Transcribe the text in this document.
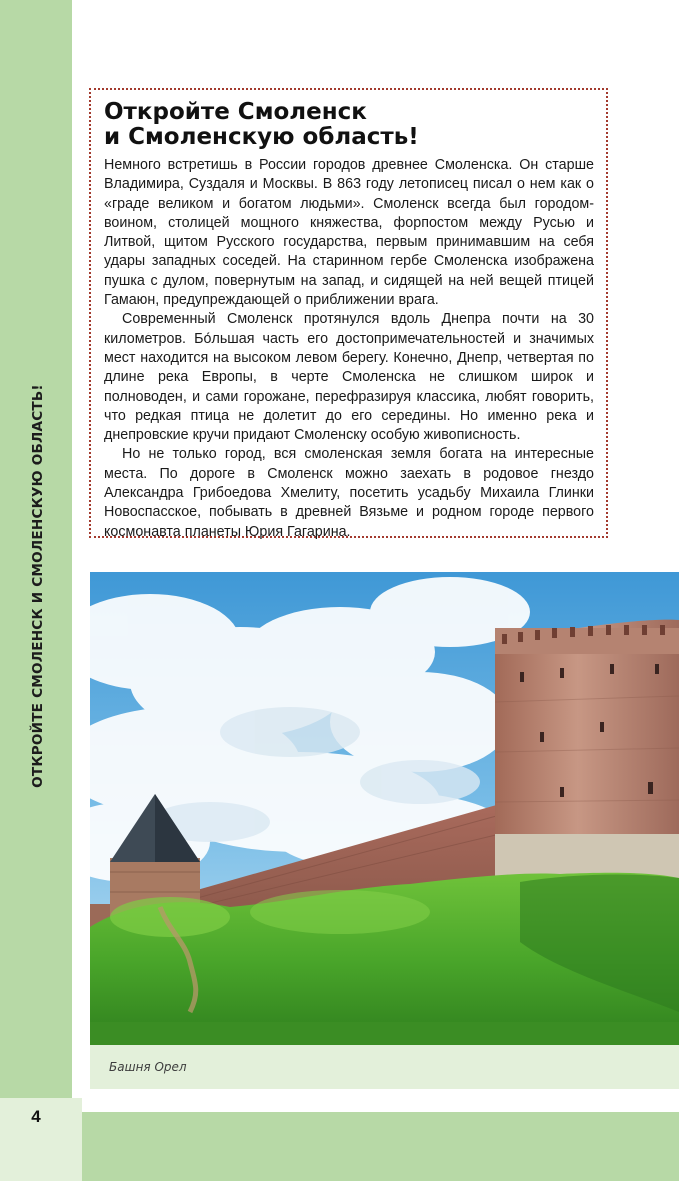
ОТКРОЙТЕ СМОЛЕНСК И СМОЛЕНСКУЮ ОБЛАСТЬ!
Откройте Смоленск
и Смоленскую область!

Немного встретишь в России городов древнее Смоленска. Он старше Владимира, Суздаля и Москвы. В 863 году летописец писал о нем как о «граде великом и богатом людьми». Смоленск всегда был городом-воином, столицей мощного княжества, форпостом между Русью и Литвой, щитом Русского государства, первым принимавшим на себя удары западных соседей. На старинном гербе Смоленска изображена пушка с дулом, повернутым на запад, и сидящей на ней вещей птицей Гамаюн, предупреждающей о приближении врага.

Современный Смоленск протянулся вдоль Днепра почти на 30 километров. Бо́льшая часть его достопримечательностей и значимых мест находится на высоком левом берегу. Конечно, Днепр, четвертая по длине река Европы, в черте Смоленска не слишком широк и полноводен, и сами горожане, перефразируя классика, любят говорить, что редкая птица не долетит до его середины. Но именно река и днепровские кручи придают Смоленску особую живописность.

Но не только город, вся смоленская земля богата на интересные места. По дороге в Смоленск можно заехать в родовое гнездо Александра Грибоедова Хмелиту, посетить усадьбу Михаила Глинки Новоспасское, побывать в древней Вязьме и родном городе первого космонавта планеты Юрия Гагарина.

Башня Орел
4
